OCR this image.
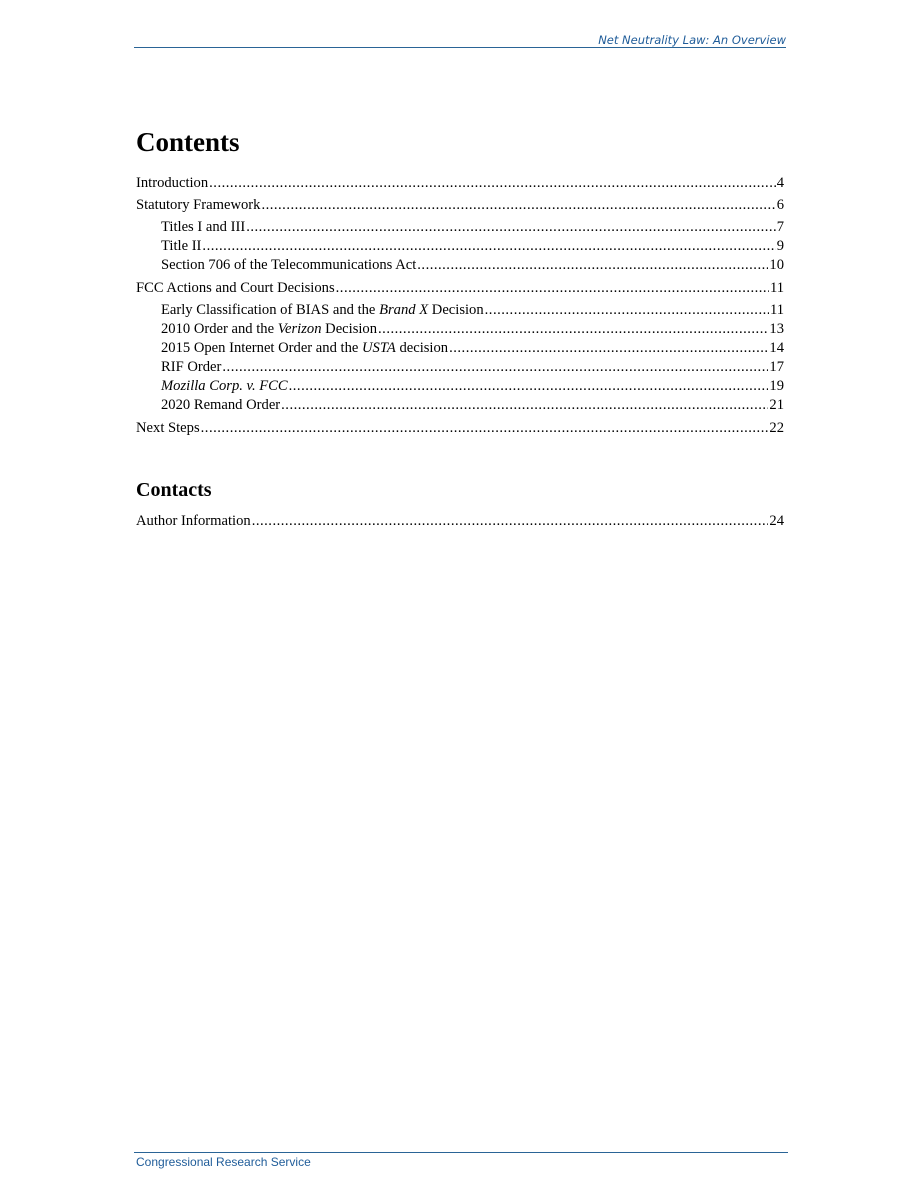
Net Neutrality Law: An Overview
Contents
Introduction .....	4
Statutory Framework .....	6
Titles I and III .....	7
Title II .....	9
Section 706 of the Telecommunications Act .....	10
FCC Actions and Court Decisions .....	11
Early Classification of BIAS and the Brand X Decision .....	11
2010 Order and the Verizon Decision .....	13
2015 Open Internet Order and the USTA decision .....	14
RIF Order .....	17
Mozilla Corp. v. FCC .....	19
2020 Remand Order .....	21
Next Steps .....	22
Contacts
Author Information .....	24
Congressional Research Service
